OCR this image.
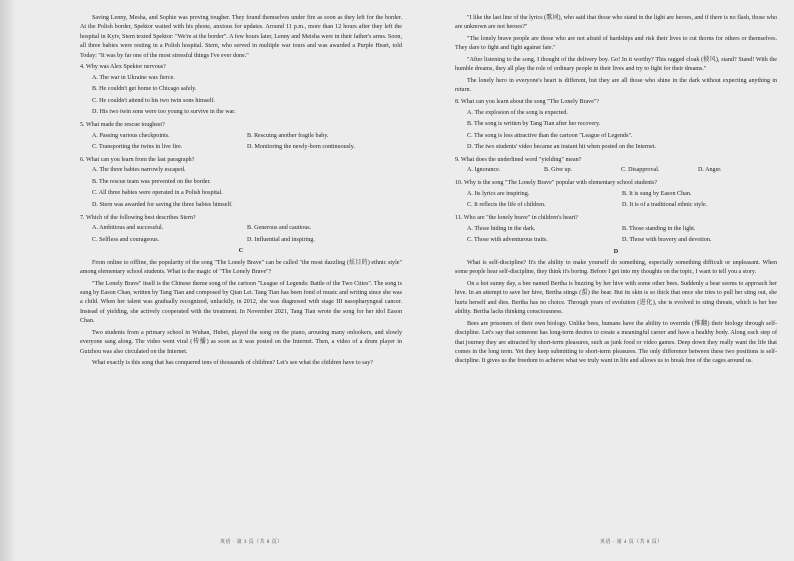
Saving Lenny, Mesha, and Sophie was proving tougher. They found themselves under fire as soon as they left for the border. At the Polish border, Spektor waited with his phone, anxious for updates. Around 11 p.m., more than 12 hours after they left the hospital in Kyiv, Stern texted Spektor: "We're at the border". A few hours later, Lenny and Meisha were in their father's arms. Soon, all three babies were resting in a Polish hospital. Stern, who served in multiple war tours and was awarded a Purple Heart, told Today: "It was by far one of the most stressful things I've ever done."

4. Why was Alex Spektor nervous?

A. The war in Ukraine was fierce.
B. He couldn't get home to Chicago safely.
C. He couldn't attend to his two twin sons himself.
D. His two twin sons were too young to survive in the war.

5. What made the rescue toughest?

A. Passing various checkpoints.	B. Rescuing another fragile baby.
C. Transporting the twins in live fire.	D. Monitoring the newly-born continuously.

6. What can you learn from the last paragraph?

A. The three babies narrowly escaped.
B. The rescue team was prevented on the border.
C. All three babies were operated in a Polish hospital.
D. Stern was awarded for saving the three babies himself.

7. Which of the following best describes Stern?

A. Ambitious and successful.	B. Generous and cautious.
C. Selfless and courageous.	D. Influential and inspiring.
C

From online to offline, the popularity of the song "The Lonely Brave" can be called "the most dazzling (炫目的) ethnic style" among elementary school students. What is the magic of "The Lonely Brave"?

"The Lonely Brave" itself is the Chinese theme song of the cartoon "League of Legends: Battle of the Two Cities". The song is sung by Eason Chan, written by Tang Tian and composed by Qian Lei. Tang Tian has been fond of music and writing since she was a child. When her talent was gradually recognized, unluckily, in 2012, she was diagnosed with stage III nasopharyngeal cancer. Instead of yielding, she actively cooperated with the treatment. In November 2021, Tang Tian wrote the song for her idol Eason Chan.

Two students from a primary school in Wuhan, Hubei, played the song on the piano, arousing many onlookers, and slowly everyone sang along. The video went viral (传播) as soon as it was posted on the Internet. Then, a video of a drum player in Guizhou was also circulated on the Internet.

What exactly is this song that has conquered tens of thousands of children? Let's see what the children have to say?

"I like the last line of the lyrics (歌词), who said that those who stand in the light are heroes, and if there is no flash, those who are unknown are not heroes?"

"The lonely brave people are those who are not afraid of hardships and risk their lives to cut thorns for others or themselves. They dare to fight and fight against fate."

"After listening to the song, I thought of the delivery boy. Go! In it worthy? This ragged cloak (披风), stand? Stand! With the humble dreams, they all play the role of ordinary people in their lives and try to fight for their dreams."

The lonely hero in everyone's heart is different, but they are all those who shine in the dark without expecting anything in return.

8. What can you learn about the song "The Lonely Brave"?

A. The explosion of the song is expected.
B. The song is written by Tang Tian after her recovery.
C. The song is less attractive than the cartoon "League of Legends".
D. The two students' video became an instant hit when posted on the Internet.

9. What does the underlined word "yielding" mean?

A. Ignorance.	B. Give up.	C. Disapproval.	D. Anger.

10. Why is the song "The Lonely Brave" popular with elementary school students?

A. Its lyrics are inspiring.	B. It is sung by Eason Chan.
C. It reflects the life of children.	D. It is of a traditional ethnic style.

11. Who are "the lonely brave" in children's heart?

A. Those hiding in the dark.	B. Those standing in the light.
C. Those with adventurous traits.	D. Those with bravery and devotion.
D

What is self-discipline? It's the ability to make yourself do something, especially something difficult or unpleasant. When some people hear self-discipline, they think it's boring. Before I get into my thoughts on the topic, I want to tell you a story.

On a hot sunny day, a bee named Bertha is buzzing by her hive with some other bees. Suddenly a bear seems to approach her hive. In an attempt to save her hive, Bertha stings (蜇) the bear. But its skin is so thick that once she tries to pull her sting out, she hurts herself and dies. Bertha has no choice. Through years of evolution (进化), she is evolved to sting threats, which is her bee ability. Bertha lacks thinking consciousness.

Bees are prisoners of their own biology. Unlike bees, humans have the ability to override (推翻) their biology through self-discipline. Let's say that someone has long-term desires to create a meaningful career and have a healthy body. Along each step of that journey they are attracted by short-term pleasures, such as junk food or video games. Deep down they really want the life that comes in the long term. Yet they keep submitting to short-term pleasures. The only difference between these two positions is self-discipline. It gives us the freedom to achieve what we truly want in life and allows us to break free of the cages around us.

英语 · 第 3 页（共 8 页）	英语 · 第 4 页（共 8 页）
